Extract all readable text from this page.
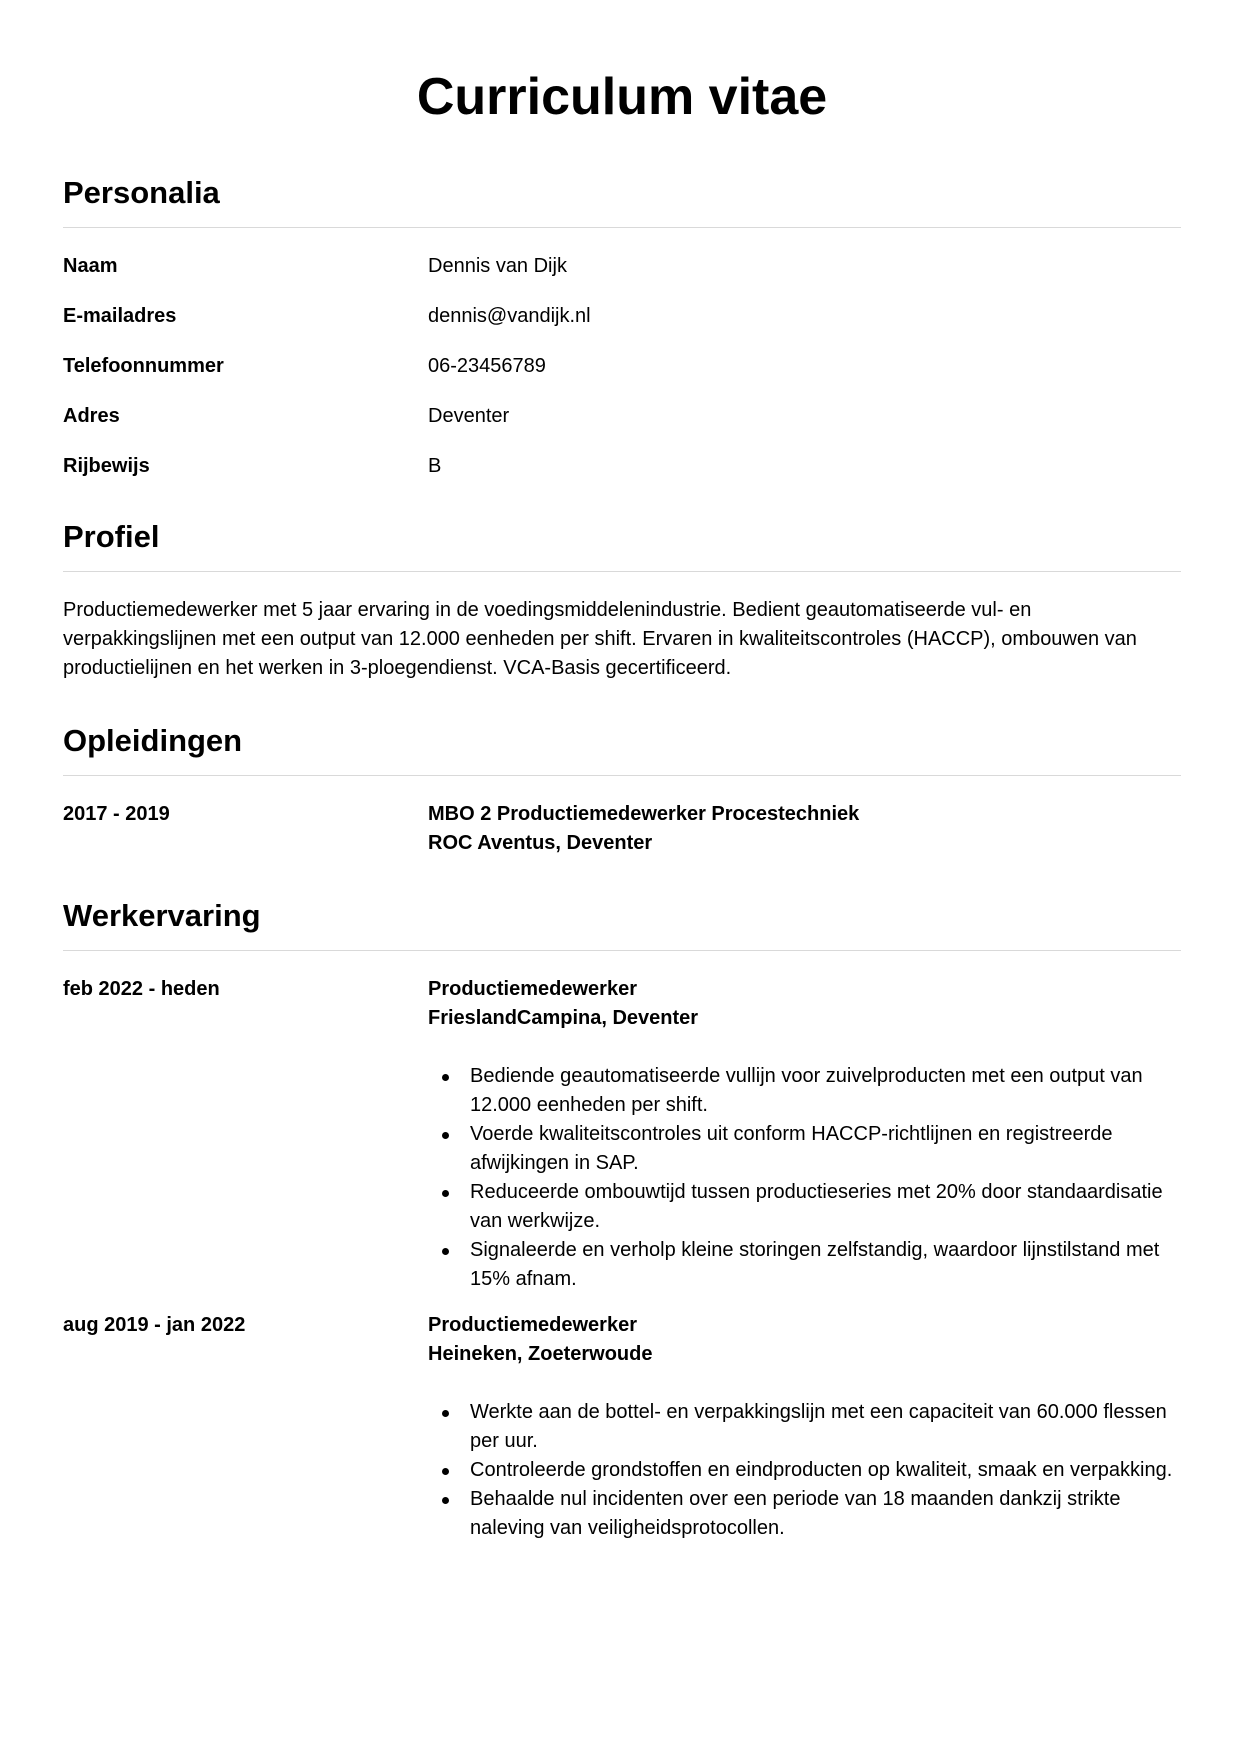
Curriculum vitae
Personalia
Naam	Dennis van Dijk
E-mailadres	dennis@vandijk.nl
Telefoonnummer	06-23456789
Adres	Deventer
Rijbewijs	B
Profiel

Productiemedewerker met 5 jaar ervaring in de voedingsmiddelenindustrie. Bedient geautomatiseerde vul- en verpakkingslijnen met een output van 12.000 eenheden per shift. Ervaren in kwaliteitscontroles (HACCP), ombouwen van productielijnen en het werken in 3-ploegendienst. VCA-Basis gecertificeerd.

Opleidingen
2017 - 2019	MBO 2 Productiemedewerker Procestechniek
ROC Aventus, Deventer
Werkervaring
feb 2022 - heden	Productiemedewerker
FrieslandCampina, Deventer
Bediende geautomatiseerde vullijn voor zuivelproducten met een output van 12.000 eenheden per shift.
Voerde kwaliteitscontroles uit conform HACCP-richtlijnen en registreerde afwijkingen in SAP.
Reduceerde ombouwtijd tussen productieseries met 20% door standaardisatie van werkwijze.
Signaleerde en verholp kleine storingen zelfstandig, waardoor lijnstilstand met 15% afnam.
aug 2019 - jan 2022	Productiemedewerker
Heineken, Zoeterwoude
Werkte aan de bottel- en verpakkingslijn met een capaciteit van 60.000 flessen per uur.
Controleerde grondstoffen en eindproducten op kwaliteit, smaak en verpakking.
Behaalde nul incidenten over een periode van 18 maanden dankzij strikte naleving van veiligheidsprotocollen.
